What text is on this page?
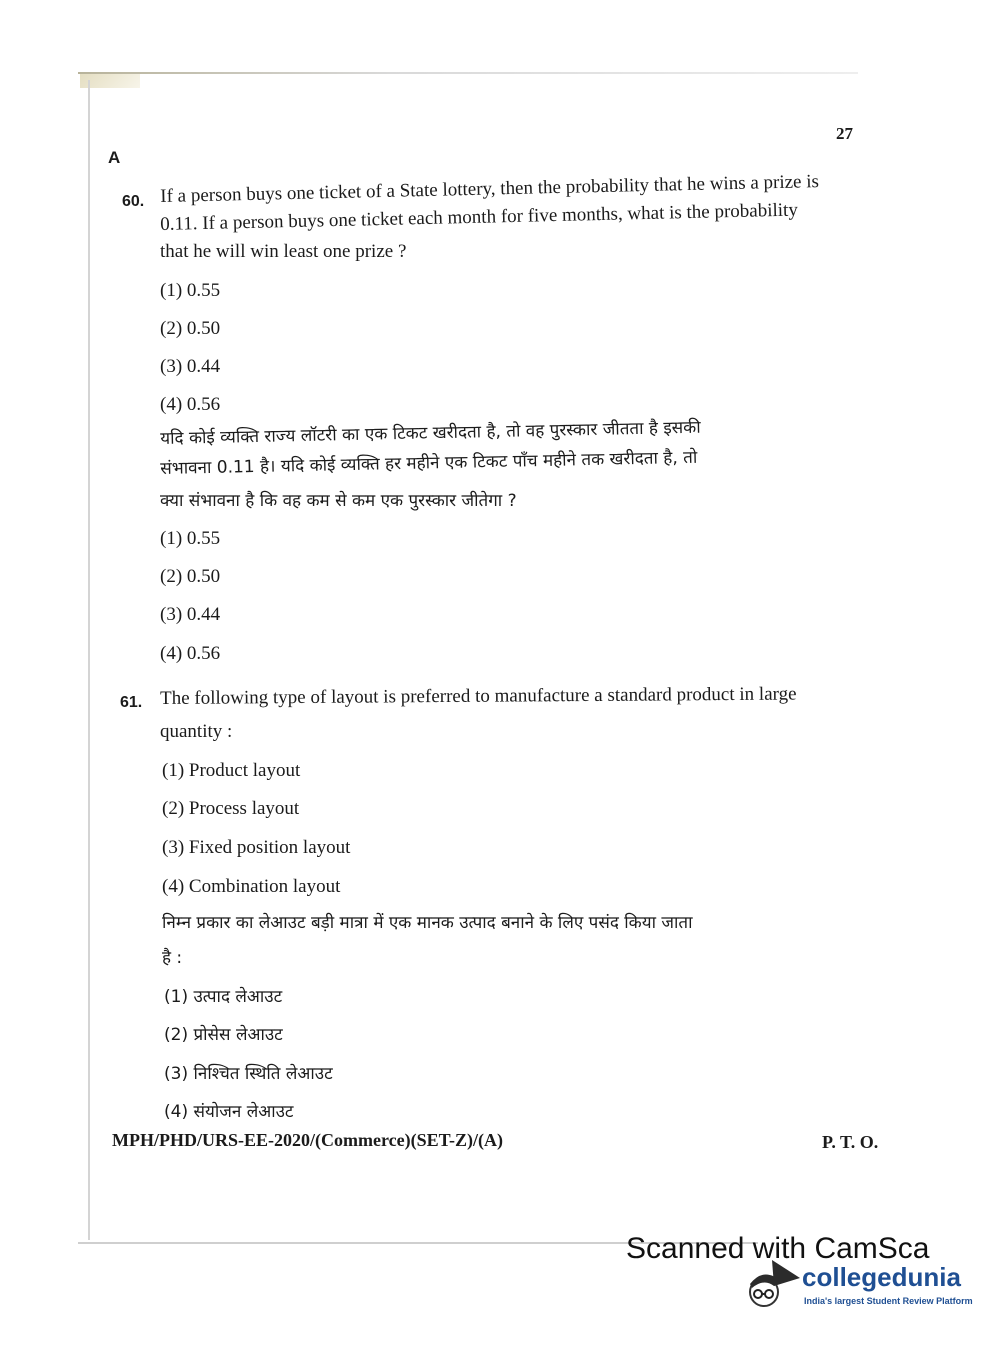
27
A
60. If a person buys one ticket of a State lottery, then the probability that he wins a prize is
0.11. If a person buys one ticket each month for five months, what is the probability
that he will win least one prize ?
(1) 0.55
(2) 0.50
(3) 0.44
(4) 0.56
यदि कोई व्यक्ति राज्य लॉटरी का एक टिकट खरीदता है, तो वह पुरस्कार जीतता है इसकी
संभावना 0.11 है। यदि कोई व्यक्ति हर महीने एक टिकट पाँच महीने तक खरीदता है, तो
क्या संभावना है कि वह कम से कम एक पुरस्कार जीतेगा ?
(1) 0.55
(2) 0.50
(3) 0.44
(4) 0.56
61. The following type of layout is preferred to manufacture a standard product in large
quantity :
(1) Product layout
(2) Process layout
(3) Fixed position layout
(4) Combination layout
निम्न प्रकार का लेआउट बड़ी मात्रा में एक मानक उत्पाद बनाने के लिए पसंद किया जाता
है :
(1) उत्पाद लेआउट
(2) प्रोसेस लेआउट
(3) निश्चित स्थिति लेआउट
(4) संयोजन लेआउट
MPH/PHD/URS-EE-2020/(Commerce)(SET-Z)/(A)	P. T. O.
Scanned with CamSca
collegedunia
India's largest Student Review Platform
